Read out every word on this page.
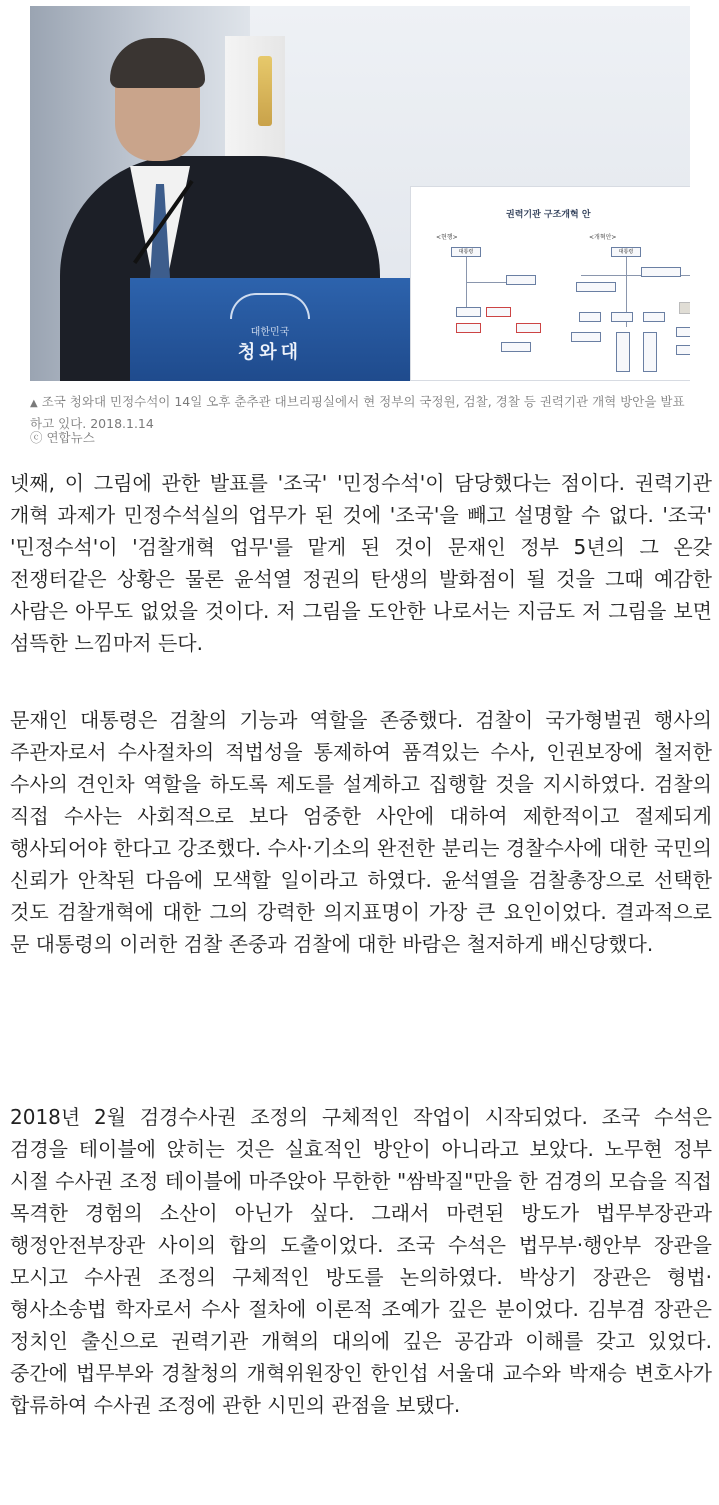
대한민국
청와대
권력기관 구조개혁 안
<현행>	<개혁안>
대통령	대통령
▲ 조국 청와대 민정수석이 14일 오후 춘추관 대브리핑실에서 현 정부의 국정원, 검찰, 경찰 등 권력기관 개혁 방안을 발표 하고 있다. 2018.1.14
ⓒ 연합뉴스

넷째, 이 그림에 관한 발표를 '조국' '민정수석'이 담당했다는 점이다. 권력기관 개혁 과제가 민정수석실의 업무가 된 것에 '조국'을 빼고 설명할 수 없다. '조국' '민정수석'이 '검찰개혁 업무'를 맡게 된 것이 문재인 정부 5년의 그 온갖 전쟁터같은 상황은 물론 윤석열 정권의 탄생의 발화점이 될 것을 그때 예감한 사람은 아무도 없었을 것이다. 저 그림을 도안한 나로서는 지금도 저 그림을 보면 섬뜩한 느낌마저 든다.

문재인 대통령은 검찰의 기능과 역할을 존중했다. 검찰이 국가형벌권 행사의 주관자로서 수사절차의 적법성을 통제하여 품격있는 수사, 인권보장에 철저한 수사의 견인차 역할을 하도록 제도를 설계하고 집행할 것을 지시하였다. 검찰의 직접 수사는 사회적으로 보다 엄중한 사안에 대하여 제한적이고 절제되게 행사되어야 한다고 강조했다. 수사·기소의 완전한 분리는 경찰수사에 대한 국민의 신뢰가 안착된 다음에 모색할 일이라고 하였다. 윤석열을 검찰총장으로 선택한 것도 검찰개혁에 대한 그의 강력한 의지표명이 가장 큰 요인이었다. 결과적으로 문 대통령의 이러한 검찰 존중과 검찰에 대한 바람은 철저하게 배신당했다.

2018년 2월 검경수사권 조정의 구체적인 작업이 시작되었다. 조국 수석은 검경을 테이블에 앉히는 것은 실효적인 방안이 아니라고 보았다. 노무현 정부 시절 수사권 조정 테이블에 마주앉아 무한한 "쌈박질"만을 한 검경의 모습을 직접 목격한 경험의 소산이 아닌가 싶다. 그래서 마련된 방도가 법무부장관과 행정안전부장관 사이의 합의 도출이었다. 조국 수석은 법무부·행안부 장관을 모시고 수사권 조정의 구체적인 방도를 논의하였다. 박상기 장관은 형법·형사소송법 학자로서 수사 절차에 이론적 조예가 깊은 분이었다. 김부겸 장관은 정치인 출신으로 권력기관 개혁의 대의에 깊은 공감과 이해를 갖고 있었다. 중간에 법무부와 경찰청의 개혁위원장인 한인섭 서울대 교수와 박재승 변호사가 합류하여 수사권 조정에 관한 시민의 관점을 보탰다.
